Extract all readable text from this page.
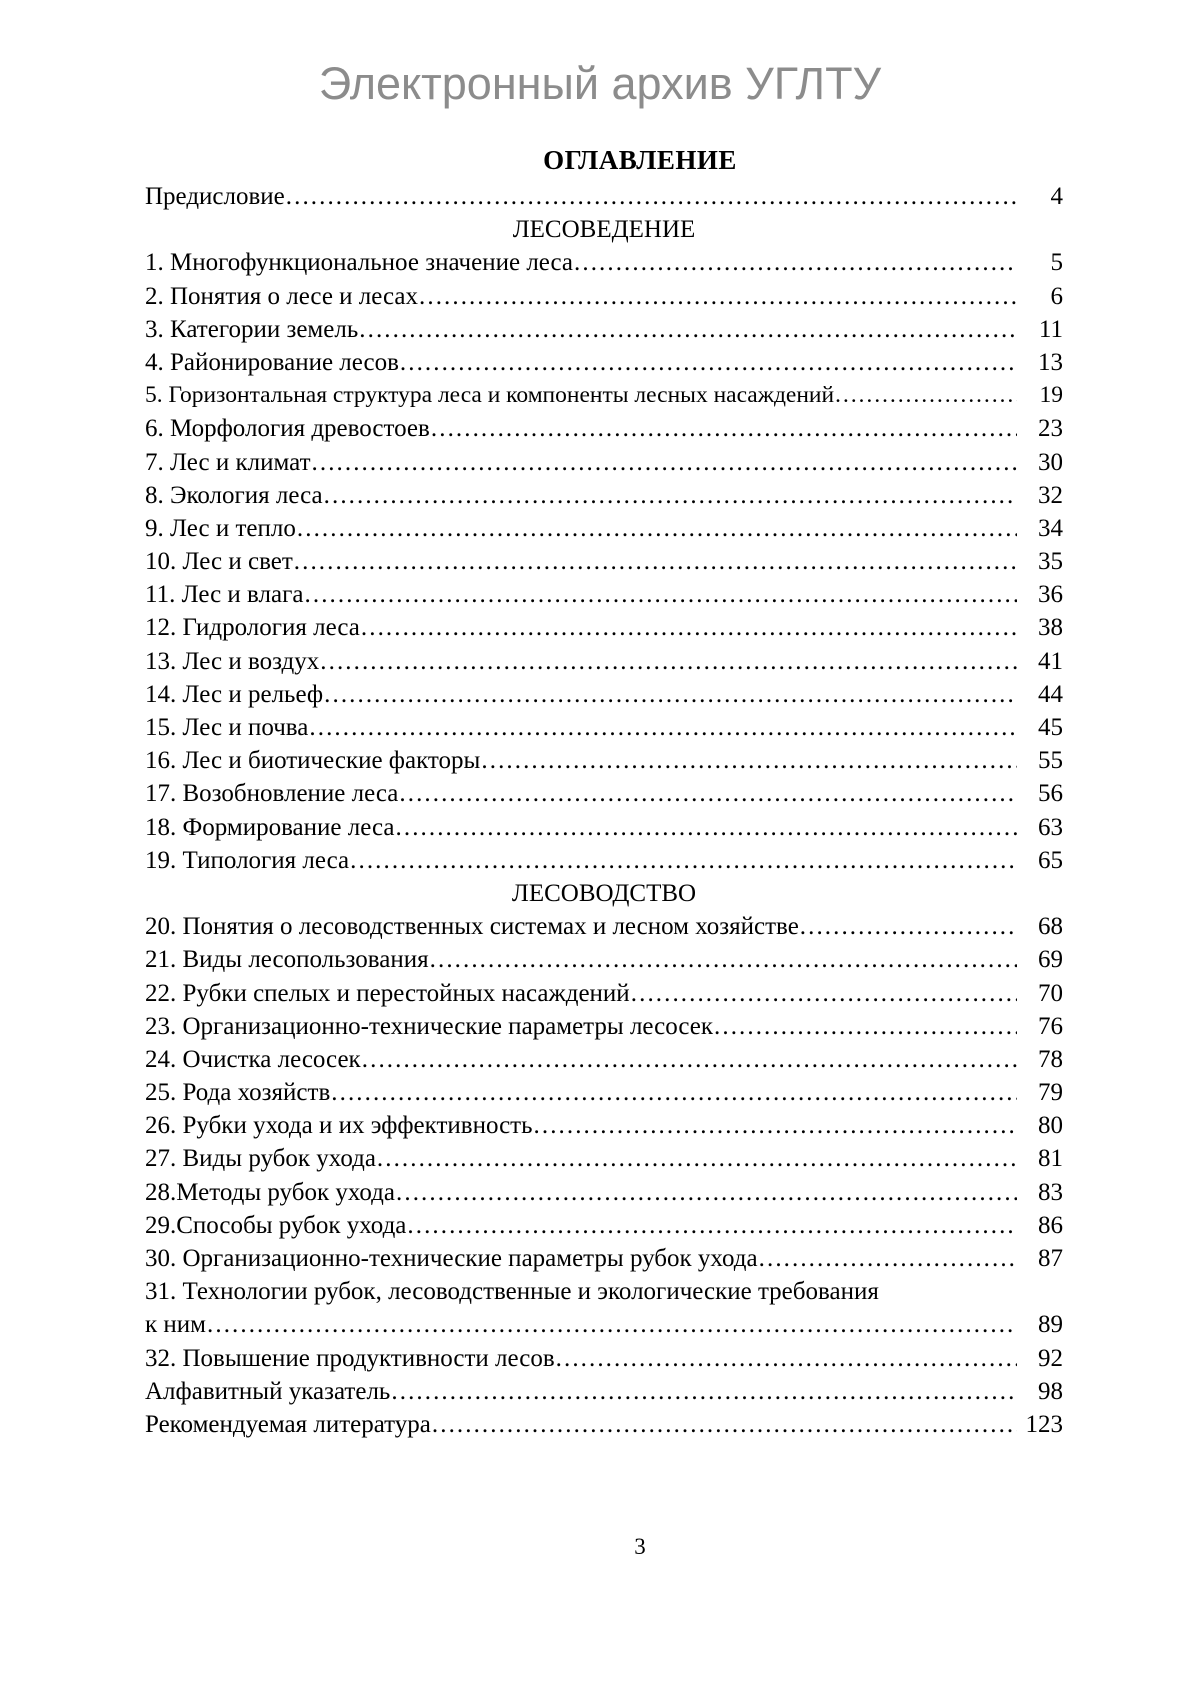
Электронный архив УГЛТУ
ОГЛАВЛЕНИЕ
Предисловие ……………………………………………………………………………………………………………………………………………………………………………………………………………	4
ЛЕСОВЕДЕНИЕ
1. Многофункциональное значение леса ……………………………………………………………………………………………………………………………………………………………………………………………………………	5
2. Понятия о лесе и лесах ……………………………………………………………………………………………………………………………………………………………………………………………………………	6
3. Категории земель ……………………………………………………………………………………………………………………………………………………………………………………………………………	11
4. Районирование лесов ……………………………………………………………………………………………………………………………………………………………………………………………………………	13
5. Горизонтальная структура леса и компоненты лесных насаждений ……………………………………………………………………………………………………………………………………………………………………………………………………………	19
6. Морфология древостоев ……………………………………………………………………………………………………………………………………………………………………………………………………………	23
7. Лес и климат ……………………………………………………………………………………………………………………………………………………………………………………………………………	30
8. Экология леса ……………………………………………………………………………………………………………………………………………………………………………………………………………	32
9. Лес и тепло ……………………………………………………………………………………………………………………………………………………………………………………………………………	34
10. Лес и свет ……………………………………………………………………………………………………………………………………………………………………………………………………………	35
11. Лес и влага ……………………………………………………………………………………………………………………………………………………………………………………………………………	36
12. Гидрология леса ……………………………………………………………………………………………………………………………………………………………………………………………………………	38
13. Лес и воздух ……………………………………………………………………………………………………………………………………………………………………………………………………………	41
14. Лес и рельеф ……………………………………………………………………………………………………………………………………………………………………………………………………………	44
15. Лес и почва ……………………………………………………………………………………………………………………………………………………………………………………………………………	45
16. Лес и биотические факторы ……………………………………………………………………………………………………………………………………………………………………………………………………………	55
17. Возобновление леса ……………………………………………………………………………………………………………………………………………………………………………………………………………	56
18. Формирование леса ……………………………………………………………………………………………………………………………………………………………………………………………………………	63
19. Типология леса ……………………………………………………………………………………………………………………………………………………………………………………………………………	65
ЛЕСОВОДСТВО
20. Понятия о лесоводственных системах и лесном хозяйстве ……………………………………………………………………………………………………………………………………………………………………………………………………………	68
21. Виды лесопользования ……………………………………………………………………………………………………………………………………………………………………………………………………………	69
22. Рубки спелых и перестойных насаждений ……………………………………………………………………………………………………………………………………………………………………………………………………………	70
23. Организационно-технические параметры лесосек ……………………………………………………………………………………………………………………………………………………………………………………………………………	76
24. Очистка лесосек ……………………………………………………………………………………………………………………………………………………………………………………………………………	78
25. Рода хозяйств ……………………………………………………………………………………………………………………………………………………………………………………………………………	79
26. Рубки ухода и их эффективность ……………………………………………………………………………………………………………………………………………………………………………………………………………	80
27. Виды рубок ухода ……………………………………………………………………………………………………………………………………………………………………………………………………………	81
28.Методы рубок ухода ……………………………………………………………………………………………………………………………………………………………………………………………………………	83
29.Способы рубок ухода ……………………………………………………………………………………………………………………………………………………………………………………………………………	86
30. Организационно-технические параметры рубок ухода ……………………………………………………………………………………………………………………………………………………………………………………………………………	87
31. Технологии рубок, лесоводственные и экологические требования
к ним ……………………………………………………………………………………………………………………………………………………………………………………………………………	89
32. Повышение продуктивности лесов ……………………………………………………………………………………………………………………………………………………………………………………………………………	92
Алфавитный указатель ……………………………………………………………………………………………………………………………………………………………………………………………………………	98
Рекомендуемая литература ……………………………………………………………………………………………………………………………………………………………………………………………………………	123
3
